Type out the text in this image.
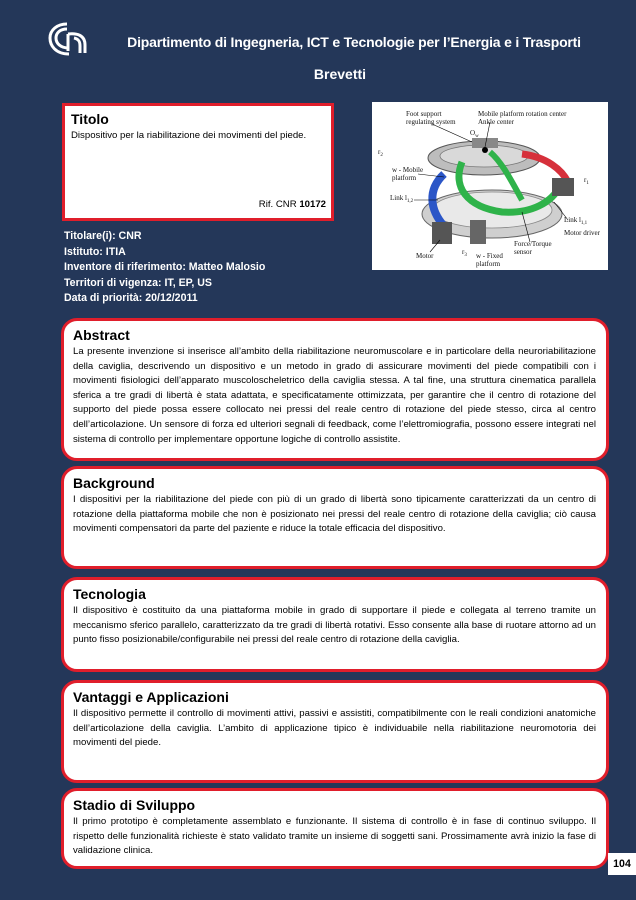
Dipartimento di Ingegneria, ICT e Tecnologie per l’Energia e i Trasporti
Brevetti
Titolo

Dispositivo per la riabilitazione dei movimenti del piede.

Rif. CNR 10172
Titolare(i): CNR
Istituto: ITIA
Inventore di riferimento: Matteo Malosio
Territori di vigenza: IT, EP, US
Data di priorità: 20/12/2011
Foot support
regulating system
Mobile platform rotation center
Ankle center
$O_w$
$r_2$
w - Mobile
platform	$r_1$
Link $l_{1,2}$
Link $l_{1,1}$
Motor driver
Force/Torque
sensor
Motor	$r_3$ w - Fixed
platform
Abstract

La presente invenzione si inserisce all’ambito della riabilitazione neuromuscolare e in particolare della neuroriabilitazione della caviglia, descrivendo un dispositivo e un metodo in grado di assicurare movimenti del piede compatibili con i movimenti fisiologici dell’apparato muscoloscheletrico della caviglia stessa. A tal fine, una struttura cinematica parallela sferica a tre gradi di libertà è stata adattata, e specificatamente ottimizzata, per garantire che il centro di rotazione del supporto del piede possa essere collocato nei pressi del reale centro di rotazione del piede stesso, circa al centro dell’articolazione. Un sensore di forza ed ulteriori segnali di feedback, come l’elettromiografia, possono essere integrati nel sistema di controllo per implementare opportune logiche di controllo assistite.

Background

I dispositivi per la riabilitazione del piede con più di un grado di libertà sono tipicamente caratterizzati da un centro di rotazione della piattaforma mobile che non è posizionato nei pressi del reale centro di rotazione della caviglia; ciò causa movimenti compensatori da parte del paziente e riduce la totale efficacia del dispositivo.

Tecnologia

Il dispositivo è costituito da una piattaforma mobile in grado di supportare il piede e collegata al terreno tramite un meccanismo sferico parallelo, caratterizzato da tre gradi di libertà rotativi. Esso consente alla base di ruotare attorno ad un punto fisso posizionabile/configurabile nei pressi del reale centro di rotazione della caviglia.

Vantaggi e Applicazioni

Il dispositivo permette il controllo di movimenti attivi, passivi e assistiti, compatibilmente con le reali condizioni anatomiche dell’articolazione della caviglia. L’ambito di applicazione tipico è individuabile nella riabilitazione neuromotoria dei movimenti del piede.

Stadio di Sviluppo

Il primo prototipo è completamente assemblato e funzionante. Il sistema di controllo è in fase di continuo sviluppo. Il rispetto delle funzionalità richieste è stato validato tramite un insieme di soggetti sani. Prossimamente avrà inizio la fase di validazione clinica.

104
